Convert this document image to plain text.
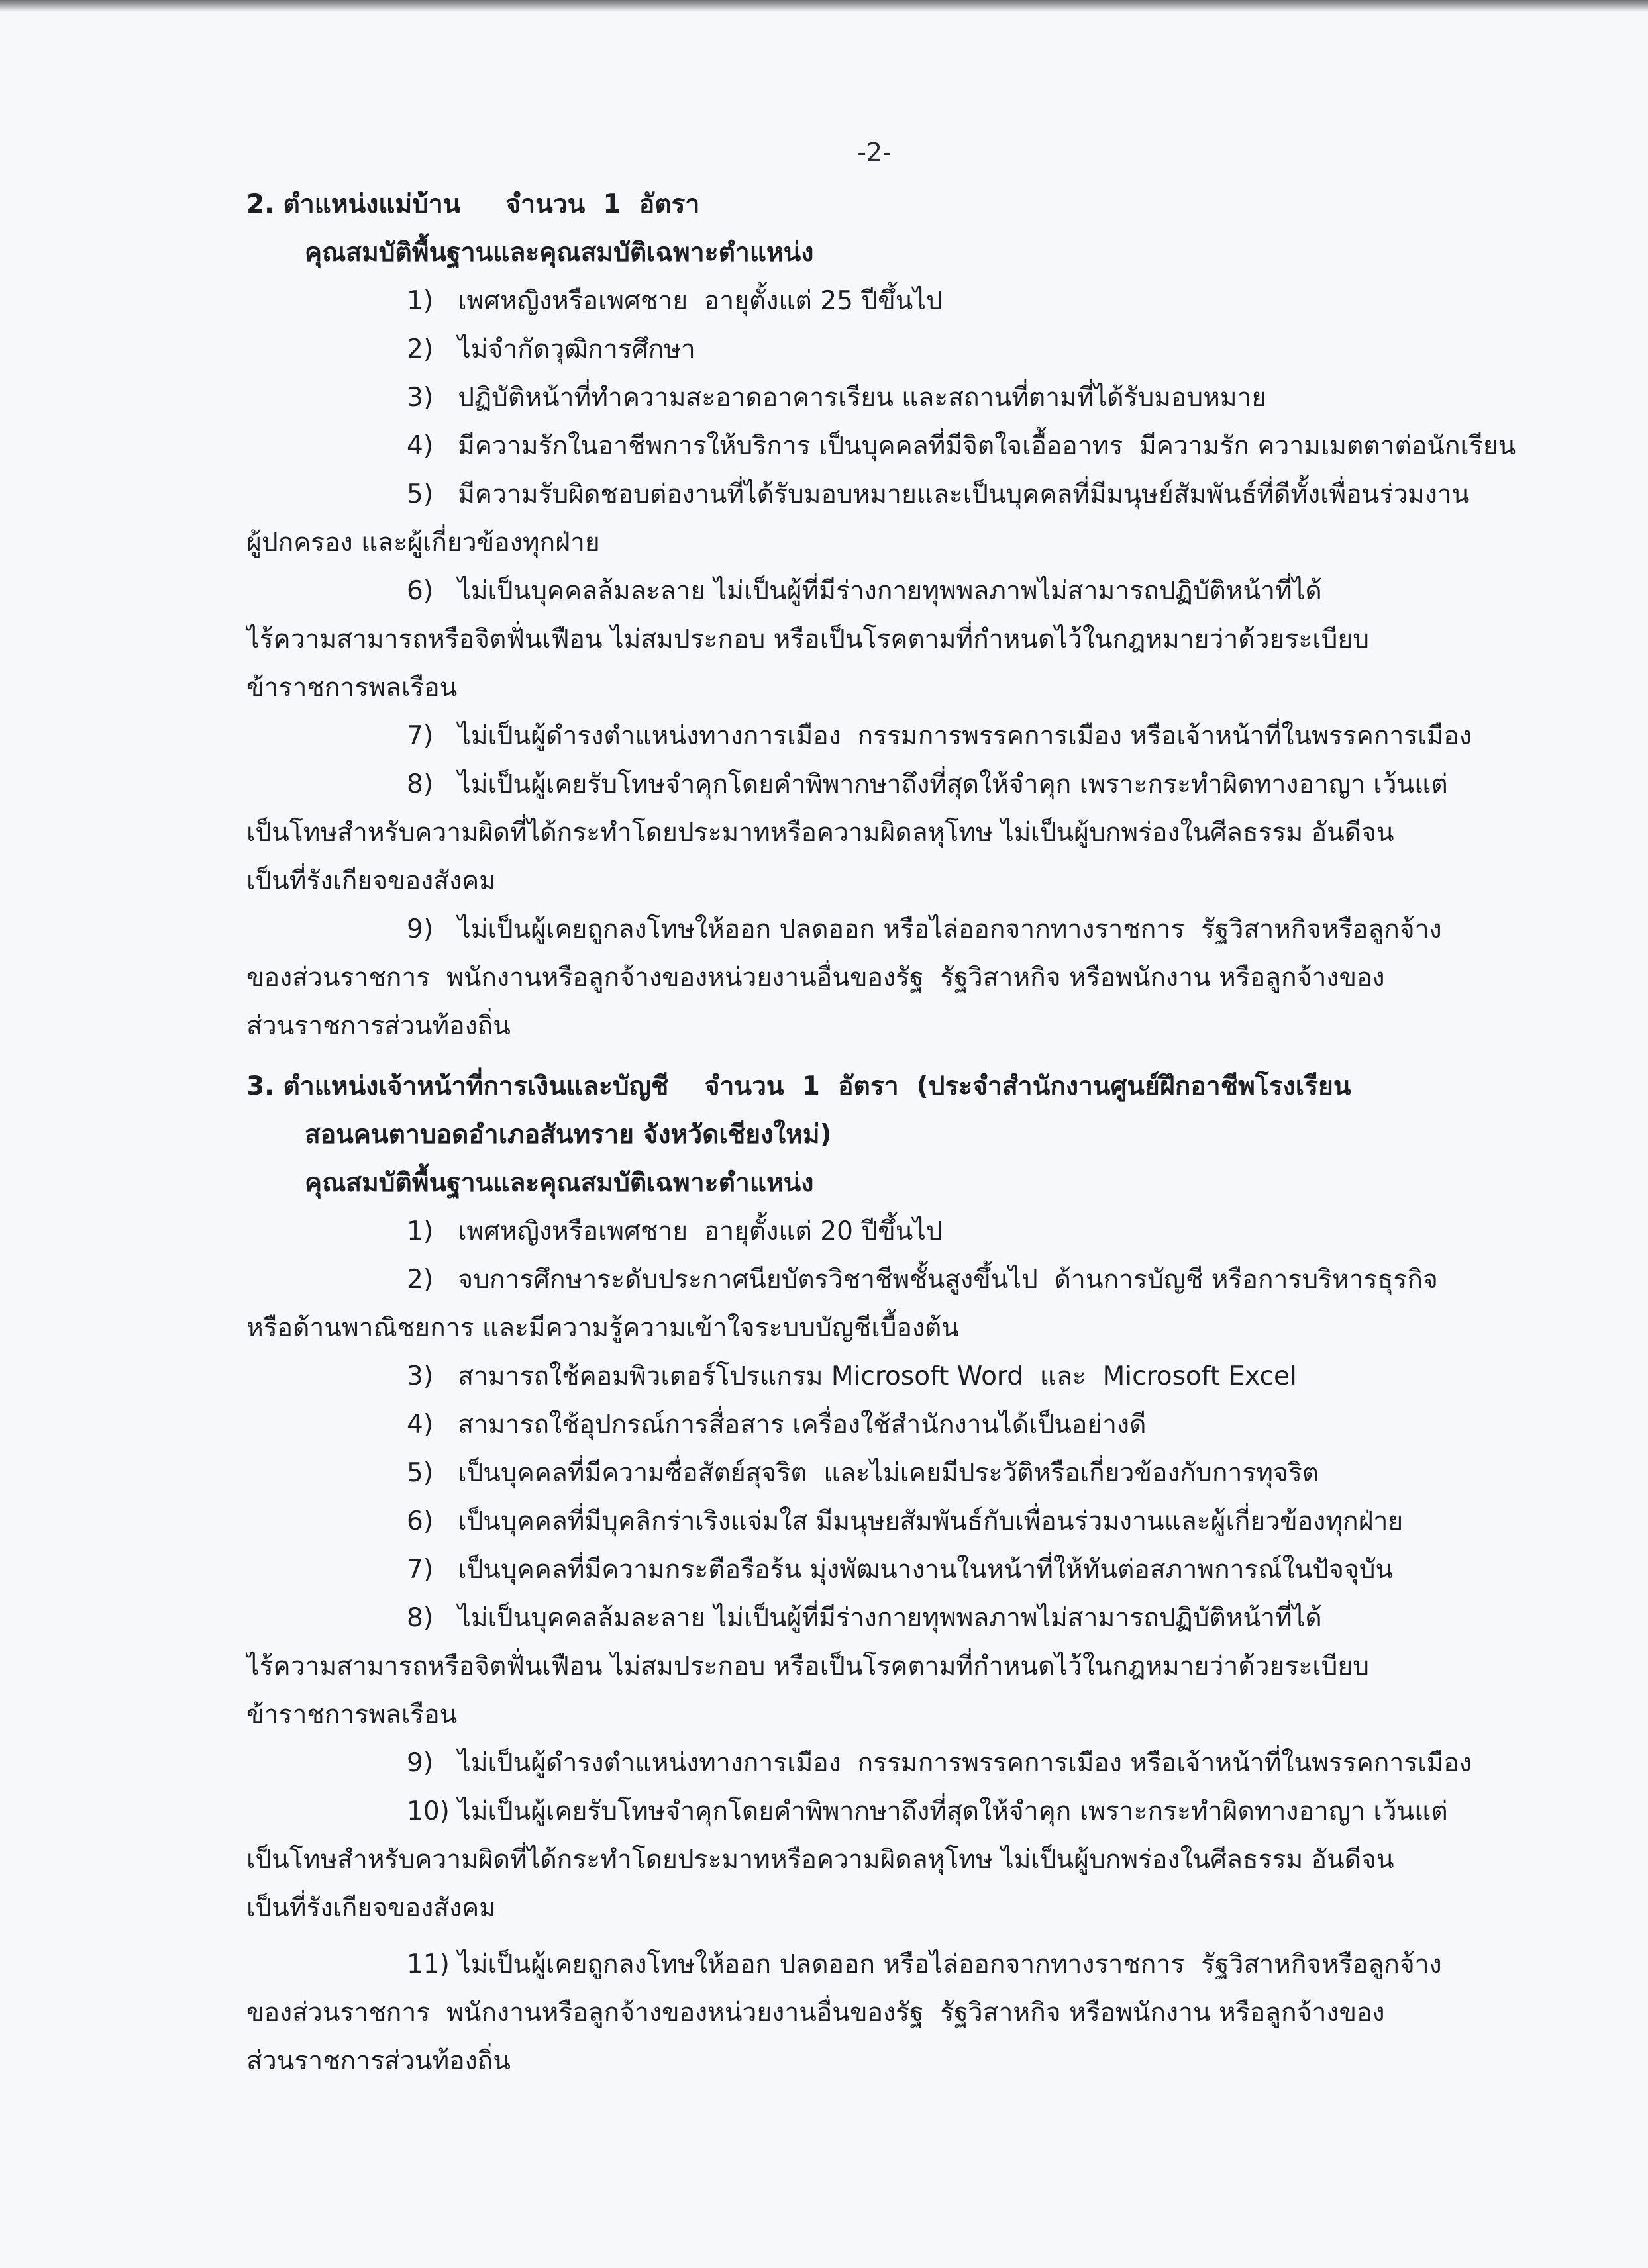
-2-
2. ตำแหน่งแม่บ้าน     จำนวน  1  อัตรา
คุณสมบัติพื้นฐานและคุณสมบัติเฉพาะตำแหน่ง
1)   เพศหญิงหรือเพศชาย  อายุตั้งแต่ 25 ปีขึ้นไป
2)   ไม่จำกัดวุฒิการศึกษา
3)   ปฏิบัติหน้าที่ทำความสะอาดอาคารเรียน และสถานที่ตามที่ได้รับมอบหมาย
4)   มีความรักในอาชีพการให้บริการ เป็นบุคคลที่มีจิตใจเอื้ออาทร  มีความรัก ความเมตตาต่อนักเรียน
5)   มีความรับผิดชอบต่องานที่ได้รับมอบหมายและเป็นบุคคลที่มีมนุษย์สัมพันธ์ที่ดีทั้งเพื่อนร่วมงาน
ผู้ปกครอง และผู้เกี่ยวข้องทุกฝ่าย
6)   ไม่เป็นบุคคลล้มละลาย ไม่เป็นผู้ที่มีร่างกายทุพพลภาพไม่สามารถปฏิบัติหน้าที่ได้
ไร้ความสามารถหรือจิตฟั่นเฟือน ไม่สมประกอบ หรือเป็นโรคตามที่กำหนดไว้ในกฎหมายว่าด้วยระเบียบ
ข้าราชการพลเรือน
7)   ไม่เป็นผู้ดำรงตำแหน่งทางการเมือง  กรรมการพรรคการเมือง หรือเจ้าหน้าที่ในพรรคการเมือง
8)   ไม่เป็นผู้เคยรับโทษจำคุกโดยคำพิพากษาถึงที่สุดให้จำคุก เพราะกระทำผิดทางอาญา เว้นแต่
เป็นโทษสำหรับความผิดที่ได้กระทำโดยประมาทหรือความผิดลหุโทษ ไม่เป็นผู้บกพร่องในศีลธรรม อันดีจน
เป็นที่รังเกียจของสังคม
9)   ไม่เป็นผู้เคยถูกลงโทษให้ออก ปลดออก หรือไล่ออกจากทางราชการ  รัฐวิสาหกิจหรือลูกจ้าง
ของส่วนราชการ  พนักงานหรือลูกจ้างของหน่วยงานอื่นของรัฐ  รัฐวิสาหกิจ หรือพนักงาน หรือลูกจ้างของ
ส่วนราชการส่วนท้องถิ่น
3. ตำแหน่งเจ้าหน้าที่การเงินและบัญชี    จำนวน  1  อัตรา  (ประจำสำนักงานศูนย์ฝึกอาชีพโรงเรียน
สอนคนตาบอดอำเภอสันทราย จังหวัดเชียงใหม่)
คุณสมบัติพื้นฐานและคุณสมบัติเฉพาะตำแหน่ง
1)   เพศหญิงหรือเพศชาย  อายุตั้งแต่ 20 ปีขึ้นไป
2)   จบการศึกษาระดับประกาศนียบัตรวิชาชีพชั้นสูงขึ้นไป  ด้านการบัญชี หรือการบริหารธุรกิจ
หรือด้านพาณิชยการ และมีความรู้ความเข้าใจระบบบัญชีเบื้องต้น
3)   สามารถใช้คอมพิวเตอร์โปรแกรม Microsoft Word  และ  Microsoft Excel
4)   สามารถใช้อุปกรณ์การสื่อสาร เครื่องใช้สำนักงานได้เป็นอย่างดี
5)   เป็นบุคคลที่มีความซื่อสัตย์สุจริต  และไม่เคยมีประวัติหรือเกี่ยวข้องกับการทุจริต
6)   เป็นบุคคลที่มีบุคลิกร่าเริงแจ่มใส มีมนุษยสัมพันธ์กับเพื่อนร่วมงานและผู้เกี่ยวข้องทุกฝ่าย
7)   เป็นบุคคลที่มีความกระตือรือร้น มุ่งพัฒนางานในหน้าที่ให้ทันต่อสภาพการณ์ในปัจจุบัน
8)   ไม่เป็นบุคคลล้มละลาย ไม่เป็นผู้ที่มีร่างกายทุพพลภาพไม่สามารถปฏิบัติหน้าที่ได้
ไร้ความสามารถหรือจิตฟั่นเฟือน ไม่สมประกอบ หรือเป็นโรคตามที่กำหนดไว้ในกฎหมายว่าด้วยระเบียบ
ข้าราชการพลเรือน
9)   ไม่เป็นผู้ดำรงตำแหน่งทางการเมือง  กรรมการพรรคการเมือง หรือเจ้าหน้าที่ในพรรคการเมือง
10) ไม่เป็นผู้เคยรับโทษจำคุกโดยคำพิพากษาถึงที่สุดให้จำคุก เพราะกระทำผิดทางอาญา เว้นแต่
เป็นโทษสำหรับความผิดที่ได้กระทำโดยประมาทหรือความผิดลหุโทษ ไม่เป็นผู้บกพร่องในศีลธรรม อันดีจน
เป็นที่รังเกียจของสังคม
11) ไม่เป็นผู้เคยถูกลงโทษให้ออก ปลดออก หรือไล่ออกจากทางราชการ  รัฐวิสาหกิจหรือลูกจ้าง
ของส่วนราชการ  พนักงานหรือลูกจ้างของหน่วยงานอื่นของรัฐ  รัฐวิสาหกิจ หรือพนักงาน หรือลูกจ้างของ
ส่วนราชการส่วนท้องถิ่น
